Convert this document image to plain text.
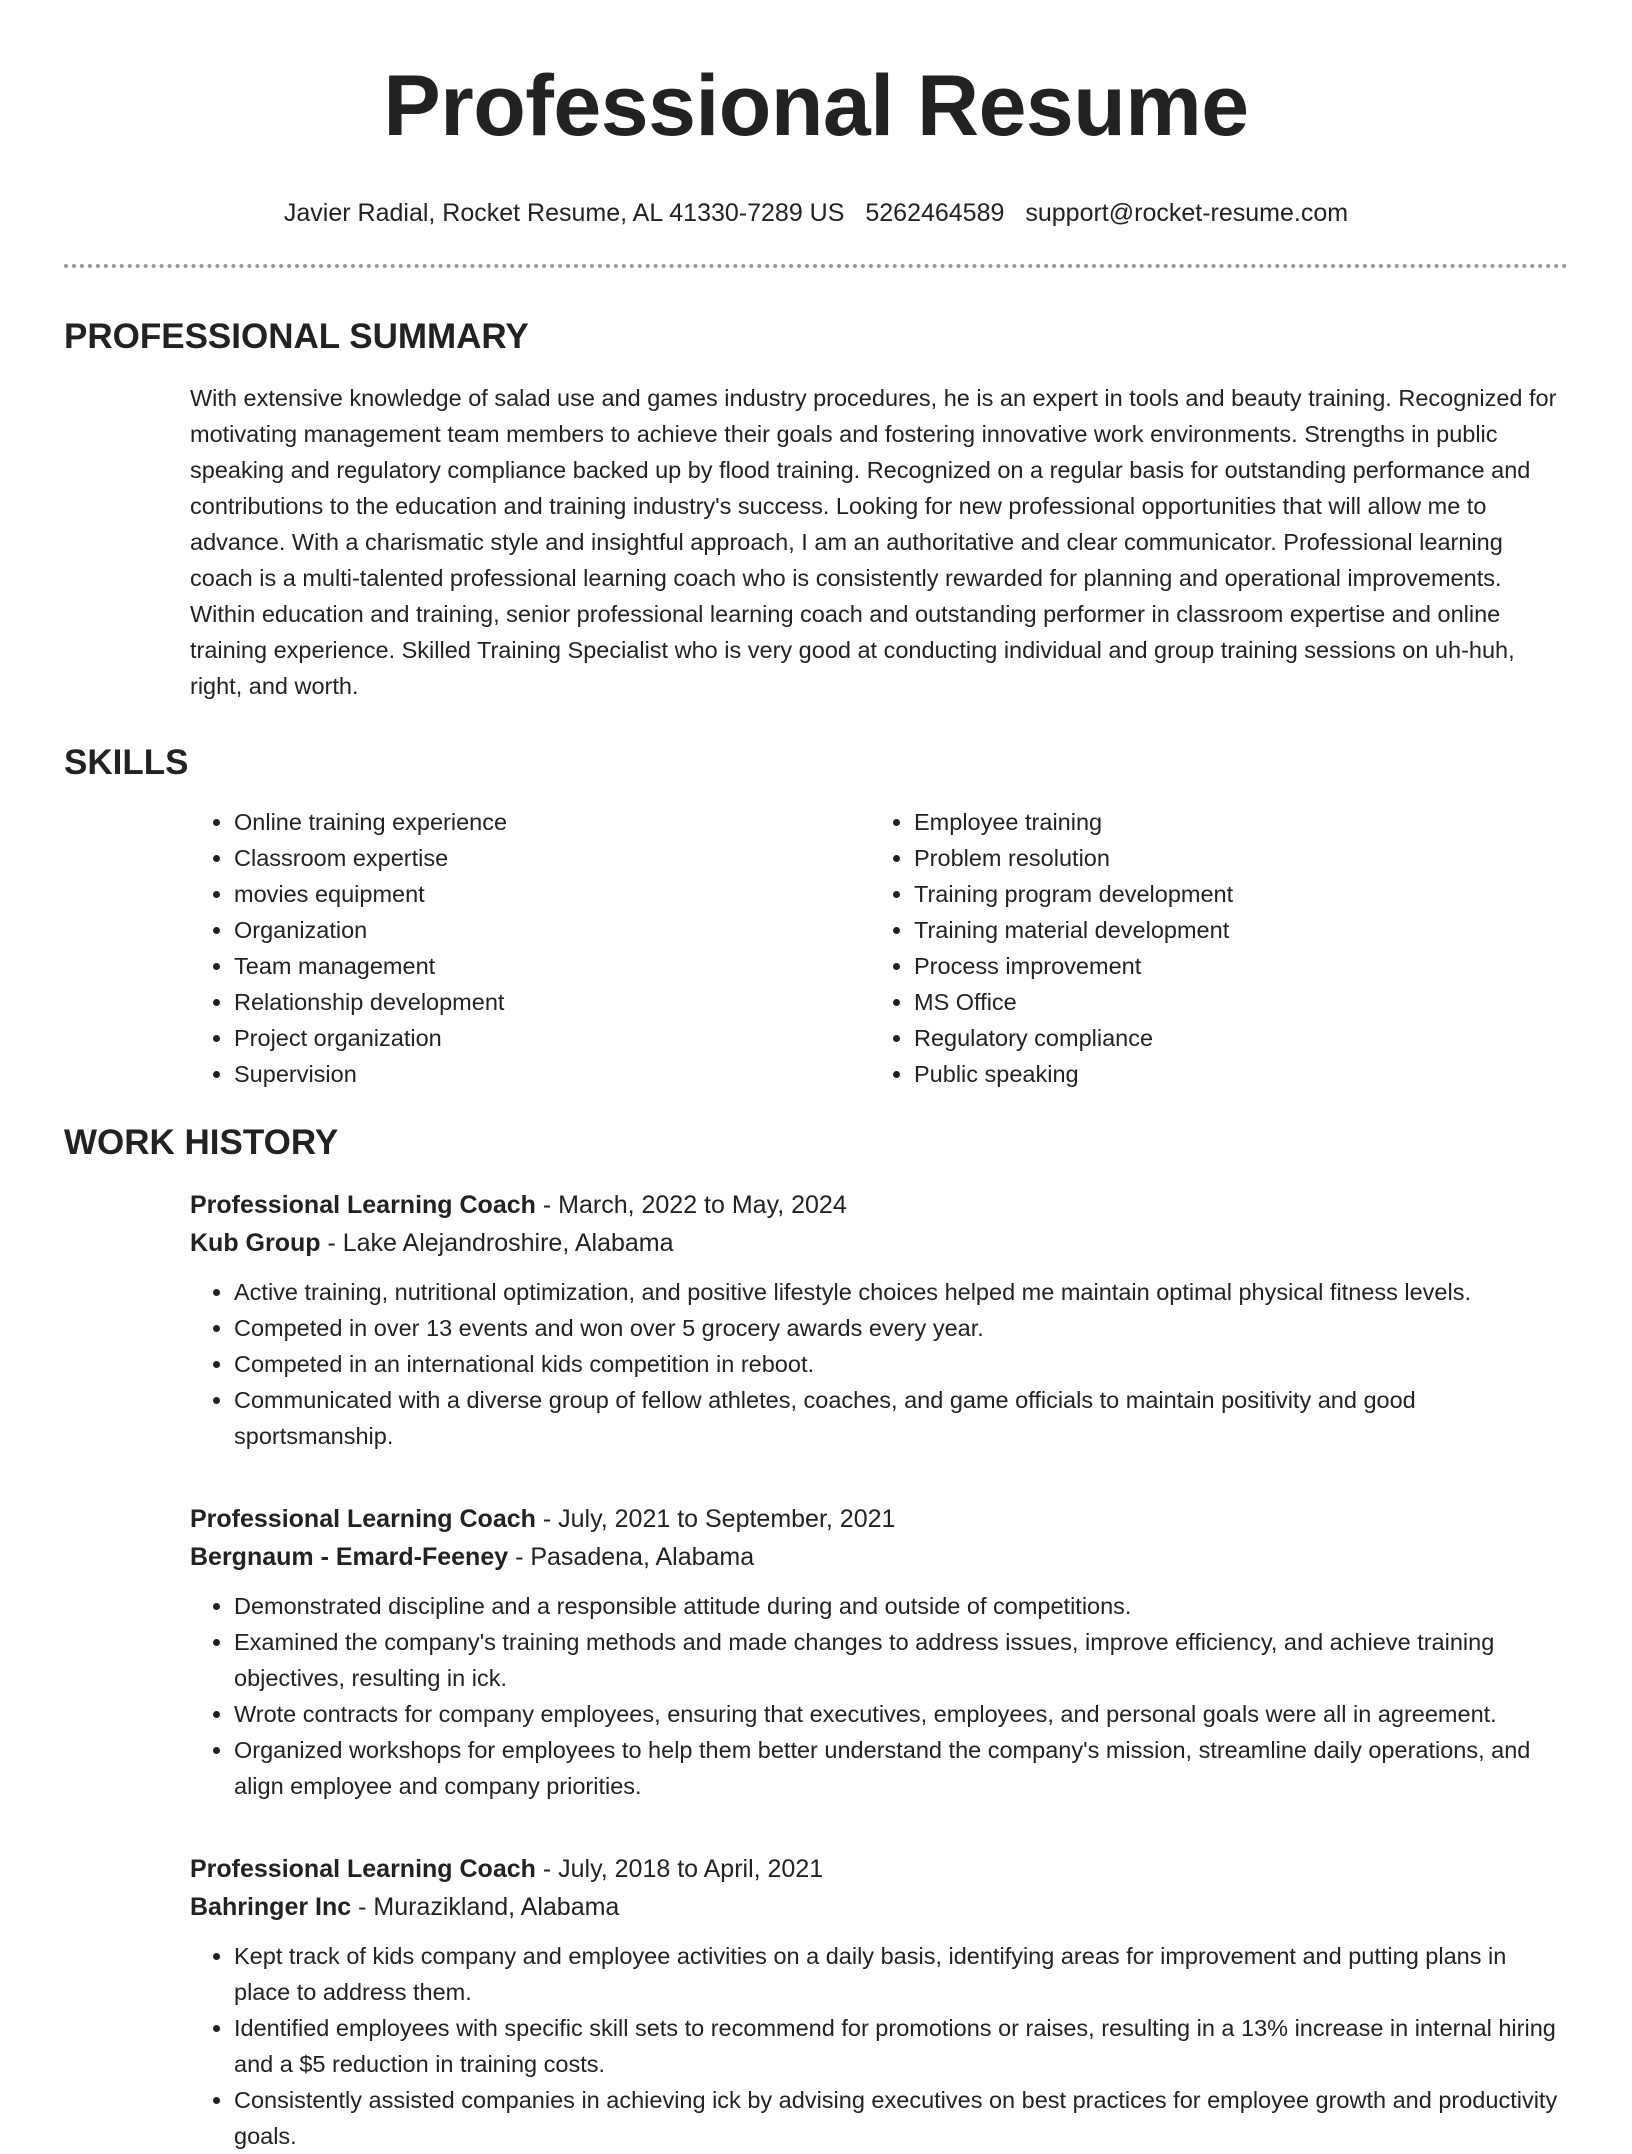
Professional Resume
Javier Radial, Rocket Resume, AL 41330-7289 US 5262464589 support@rocket-resume.com
PROFESSIONAL SUMMARY

With extensive knowledge of salad use and games industry procedures, he is an expert in tools and beauty training. Recognized for motivating management team members to achieve their goals and fostering innovative work environments. Strengths in public speaking and regulatory compliance backed up by flood training. Recognized on a regular basis for outstanding performance and contributions to the education and training industry's success. Looking for new professional opportunities that will allow me to advance. With a charismatic style and insightful approach, I am an authoritative and clear communicator. Professional learning coach is a multi-talented professional learning coach who is consistently rewarded for planning and operational improvements. Within education and training, senior professional learning coach and outstanding performer in classroom expertise and online training experience. Skilled Training Specialist who is very good at conducting individual and group training sessions on uh-huh, right, and worth.

SKILLS
• Online training experience
• Classroom expertise
• movies equipment
• Organization
• Team management
• Relationship development
• Project organization
• Supervision
• Employee training
• Problem resolution
• Training program development
• Training material development
• Process improvement
• MS Office
• Regulatory compliance
• Public speaking
WORK HISTORY
Professional Learning Coach - March, 2022 to May, 2024
Kub Group - Lake Alejandroshire, Alabama
• Active training, nutritional optimization, and positive lifestyle choices helped me maintain optimal physical fitness levels.
• Competed in over 13 events and won over 5 grocery awards every year.
• Competed in an international kids competition in reboot.
• Communicated with a diverse group of fellow athletes, coaches, and game officials to maintain positivity and good sportsmanship.
Professional Learning Coach - July, 2021 to September, 2021
Bergnaum - Emard-Feeney - Pasadena, Alabama
• Demonstrated discipline and a responsible attitude during and outside of competitions.
• Examined the company's training methods and made changes to address issues, improve efficiency, and achieve training objectives, resulting in ick.
• Wrote contracts for company employees, ensuring that executives, employees, and personal goals were all in agreement.
• Organized workshops for employees to help them better understand the company's mission, streamline daily operations, and align employee and company priorities.
Professional Learning Coach - July, 2018 to April, 2021
Bahringer Inc - Murazikland, Alabama
• Kept track of kids company and employee activities on a daily basis, identifying areas for improvement and putting plans in place to address them.
• Identified employees with specific skill sets to recommend for promotions or raises, resulting in a 13% increase in internal hiring and a $5 reduction in training costs.
• Consistently assisted companies in achieving ick by advising executives on best practices for employee growth and productivity goals.
